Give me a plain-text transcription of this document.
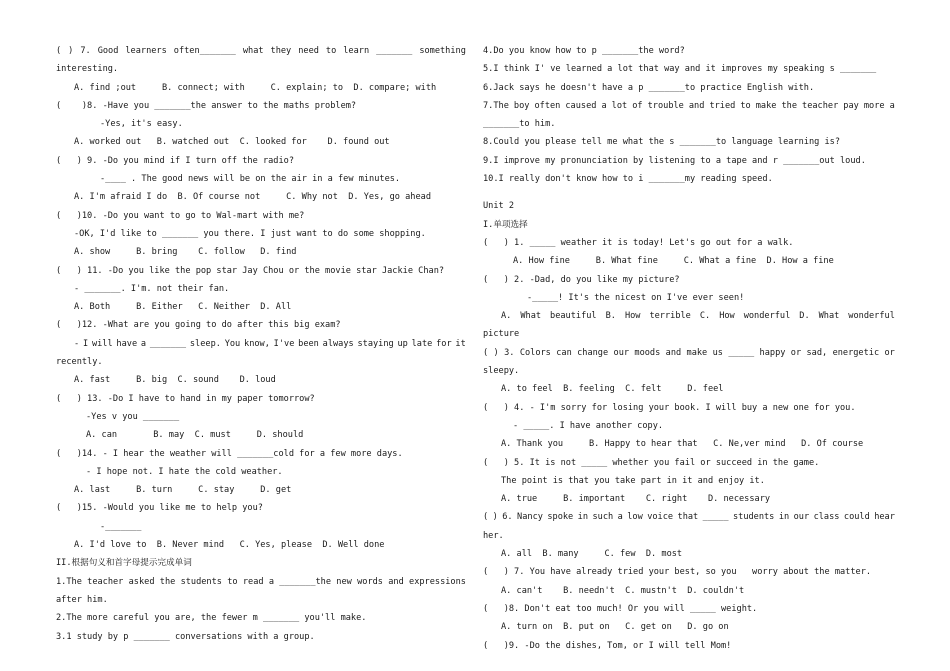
( ) 7. Good learners often_______ what they need to learn _______ something
interesting.
A. find ;out     B. connect; with     C. explain; to  D. compare; with
(    )8. -Have you _______the answer to the maths problem?
-Yes, it's easy.
A. worked out   B. watched out  C. looked for    D. found out
(   ) 9. -Do you mind if I turn off the radio?
-____ . The good news will be on the air in a few minutes.
A. I'm afraid I do  B. Of course not     C. Why not  D. Yes, go ahead
(   )10. -Do you want to go to Wal-mart with me?
-OK, I'd like to _______ you there. I just want to do some shopping.
A. show     B. bring    C. follow   D. find
(   ) 11. -Do you like the pop star Jay Chou or the movie star Jackie Chan?
- _______. I'm. not their fan.
A. Both     B. Either   C. Neither  D. All
(   )12. -What are you going to do after this big exam?
- I will have a _______ sleep. You know, I've been always staying up late for it
recently.
A. fast     B. big  C. sound    D. loud
(   ) 13. -Do I have to hand in my paper tomorrow?
-Yes v you _______
A. can       B. may  C. must     D. should
(   )14. - I hear the weather will _______cold for a few more days.
- I hope not. I hate the cold weather.
A. last     B. turn     C. stay     D. get
(   )15. -Would you like me to help you?
-_______
A. I'd love to  B. Never mind   C. Yes, please  D. Well done
II.根据句义和首字母提示完成单词
1.The teacher asked the students to read a _______the new words and expressions
after him.
2.The more careful you are, the fewer m _______ you'll make.
3.1 study by p _______ conversations with a group.
4.Do you know how to p _______the word?
5.I think I' ve learned a lot that way and it improves my speaking s _______
6.Jack says he doesn't have a p _______to practice English with.
7.The boy often caused a lot of trouble and tried to make the teacher pay more a
_______to him.
8.Could you please tell me what the s _______to language learning is?
9.I improve my pronunciation by listening to a tape and r _______out loud.
10.I really don't know how to i _______my reading speed.
Unit 2
I.单项选择
(   ) 1. _____ weather it is today! Let's go out for a walk.
A. How fine     B. What fine     C. What a fine  D. How a fine
(   ) 2. -Dad, do you like my picture?
-_____! It's the nicest on I've ever seen!
A. What beautiful B. How terrible C. How wonderful D. What wonderful
picture
( ) 3. Colors can change our moods and make us _____ happy or sad, energetic or
sleepy.
A. to feel  B. feeling  C. felt     D. feel
(   ) 4. - I'm sorry for losing your book. I will buy a new one for you.
- _____. I have another copy.
A. Thank you     B. Happy to hear that   C. Ne,ver mind   D. Of course
(   ) 5. It is not _____ whether you fail or succeed in the game.
The point is that you take part in it and enjoy it.
A. true     B. important    C. right    D. necessary
( ) 6. Nancy spoke in such a low voice that _____ students in our class could hear
her.
A. all  B. many     C. few  D. most
(   ) 7. You have already tried your best, so you   worry about the matter.
A. can't    B. needn't  C. mustn't  D. couldn't
(   )8. Don't eat too much! Or you will _____ weight.
A. turn on  B. put on   C. get on   D. go on
(   )9. -Do the dishes, Tom, or I will tell Mom!
